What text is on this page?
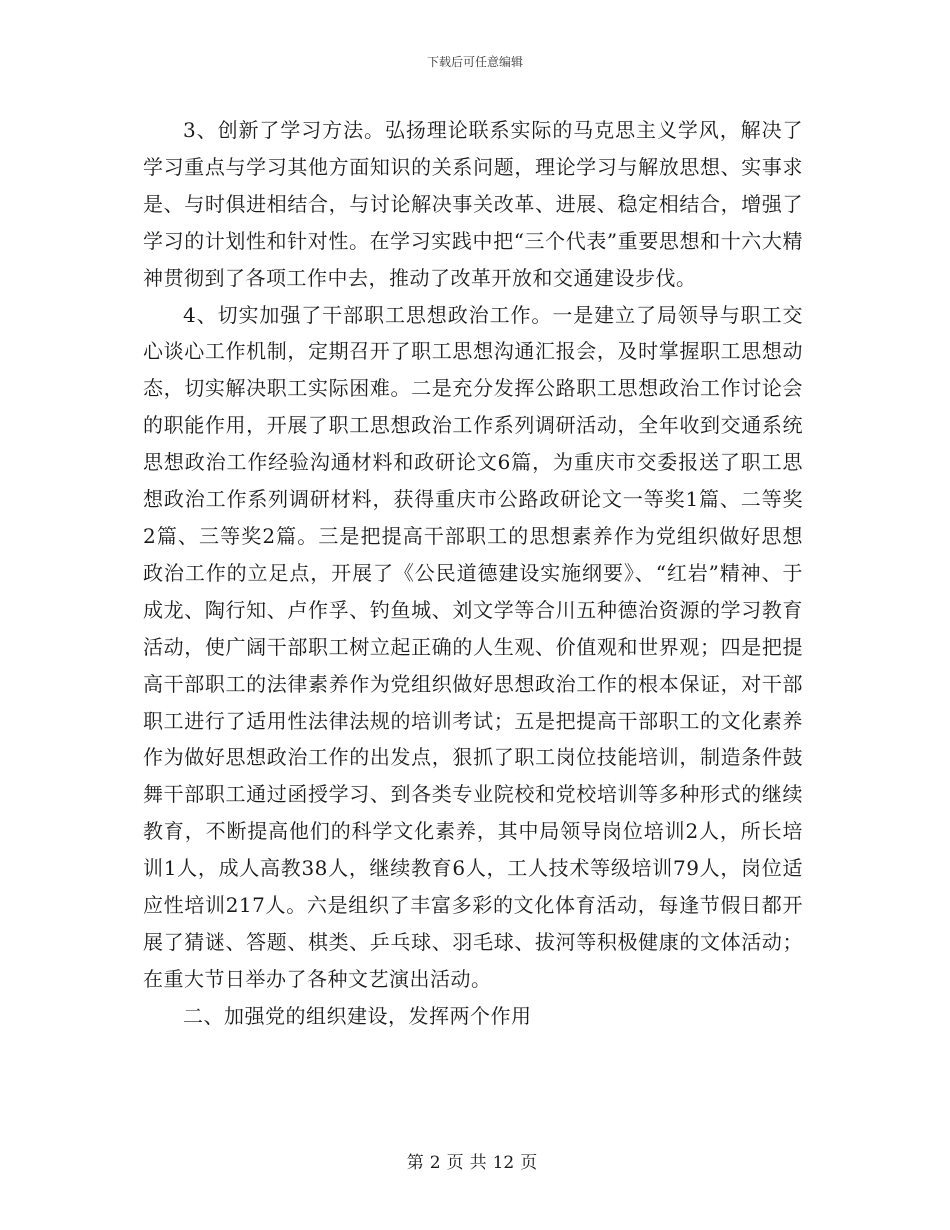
下载后可任意编辑

3、创新了学习方法。弘扬理论联系实际的马克思主义学风，解决了学习重点与学习其他方面知识的关系问题，理论学习与解放思想、实事求是、与时俱进相结合，与讨论解决事关改革、进展、稳定相结合，增强了学习的计划性和针对性。在学习实践中把“三个代表”重要思想和十六大精神贯彻到了各项工作中去，推动了改革开放和交通建设步伐。

4、切实加强了干部职工思想政治工作。一是建立了局领导与职工交心谈心工作机制，定期召开了职工思想沟通汇报会，及时掌握职工思想动态，切实解决职工实际困难。二是充分发挥公路职工思想政治工作讨论会的职能作用，开展了职工思想政治工作系列调研活动，全年收到交通系统思想政治工作经验沟通材料和政研论文6篇，为重庆市交委报送了职工思想政治工作系列调研材料，获得重庆市公路政研论文一等奖1篇、二等奖2篇、三等奖2篇。三是把提高干部职工的思想素养作为党组织做好思想政治工作的立足点，开展了《公民道德建设实施纲要》、“红岩”精神、于成龙、陶行知、卢作孚、钓鱼城、刘文学等合川五种德治资源的学习教育活动，使广阔干部职工树立起正确的人生观、价值观和世界观；四是把提高干部职工的法律素养作为党组织做好思想政治工作的根本保证，对干部职工进行了适用性法律法规的培训考试；五是把提高干部职工的文化素养作为做好思想政治工作的出发点，狠抓了职工岗位技能培训，制造条件鼓舞干部职工通过函授学习、到各类专业院校和党校培训等多种形式的继续教育，不断提高他们的科学文化素养，其中局领导岗位培训2人，所长培训1人，成人高教38人，继续教育6人，工人技术等级培训79人，岗位适应性培训217人。六是组织了丰富多彩的文化体育活动，每逢节假日都开展了猜谜、答题、棋类、乒乓球、羽毛球、拔河等积极健康的文体活动；在重大节日举办了各种文艺演出活动。

二、加强党的组织建设，发挥两个作用

第 2 页 共 12 页
